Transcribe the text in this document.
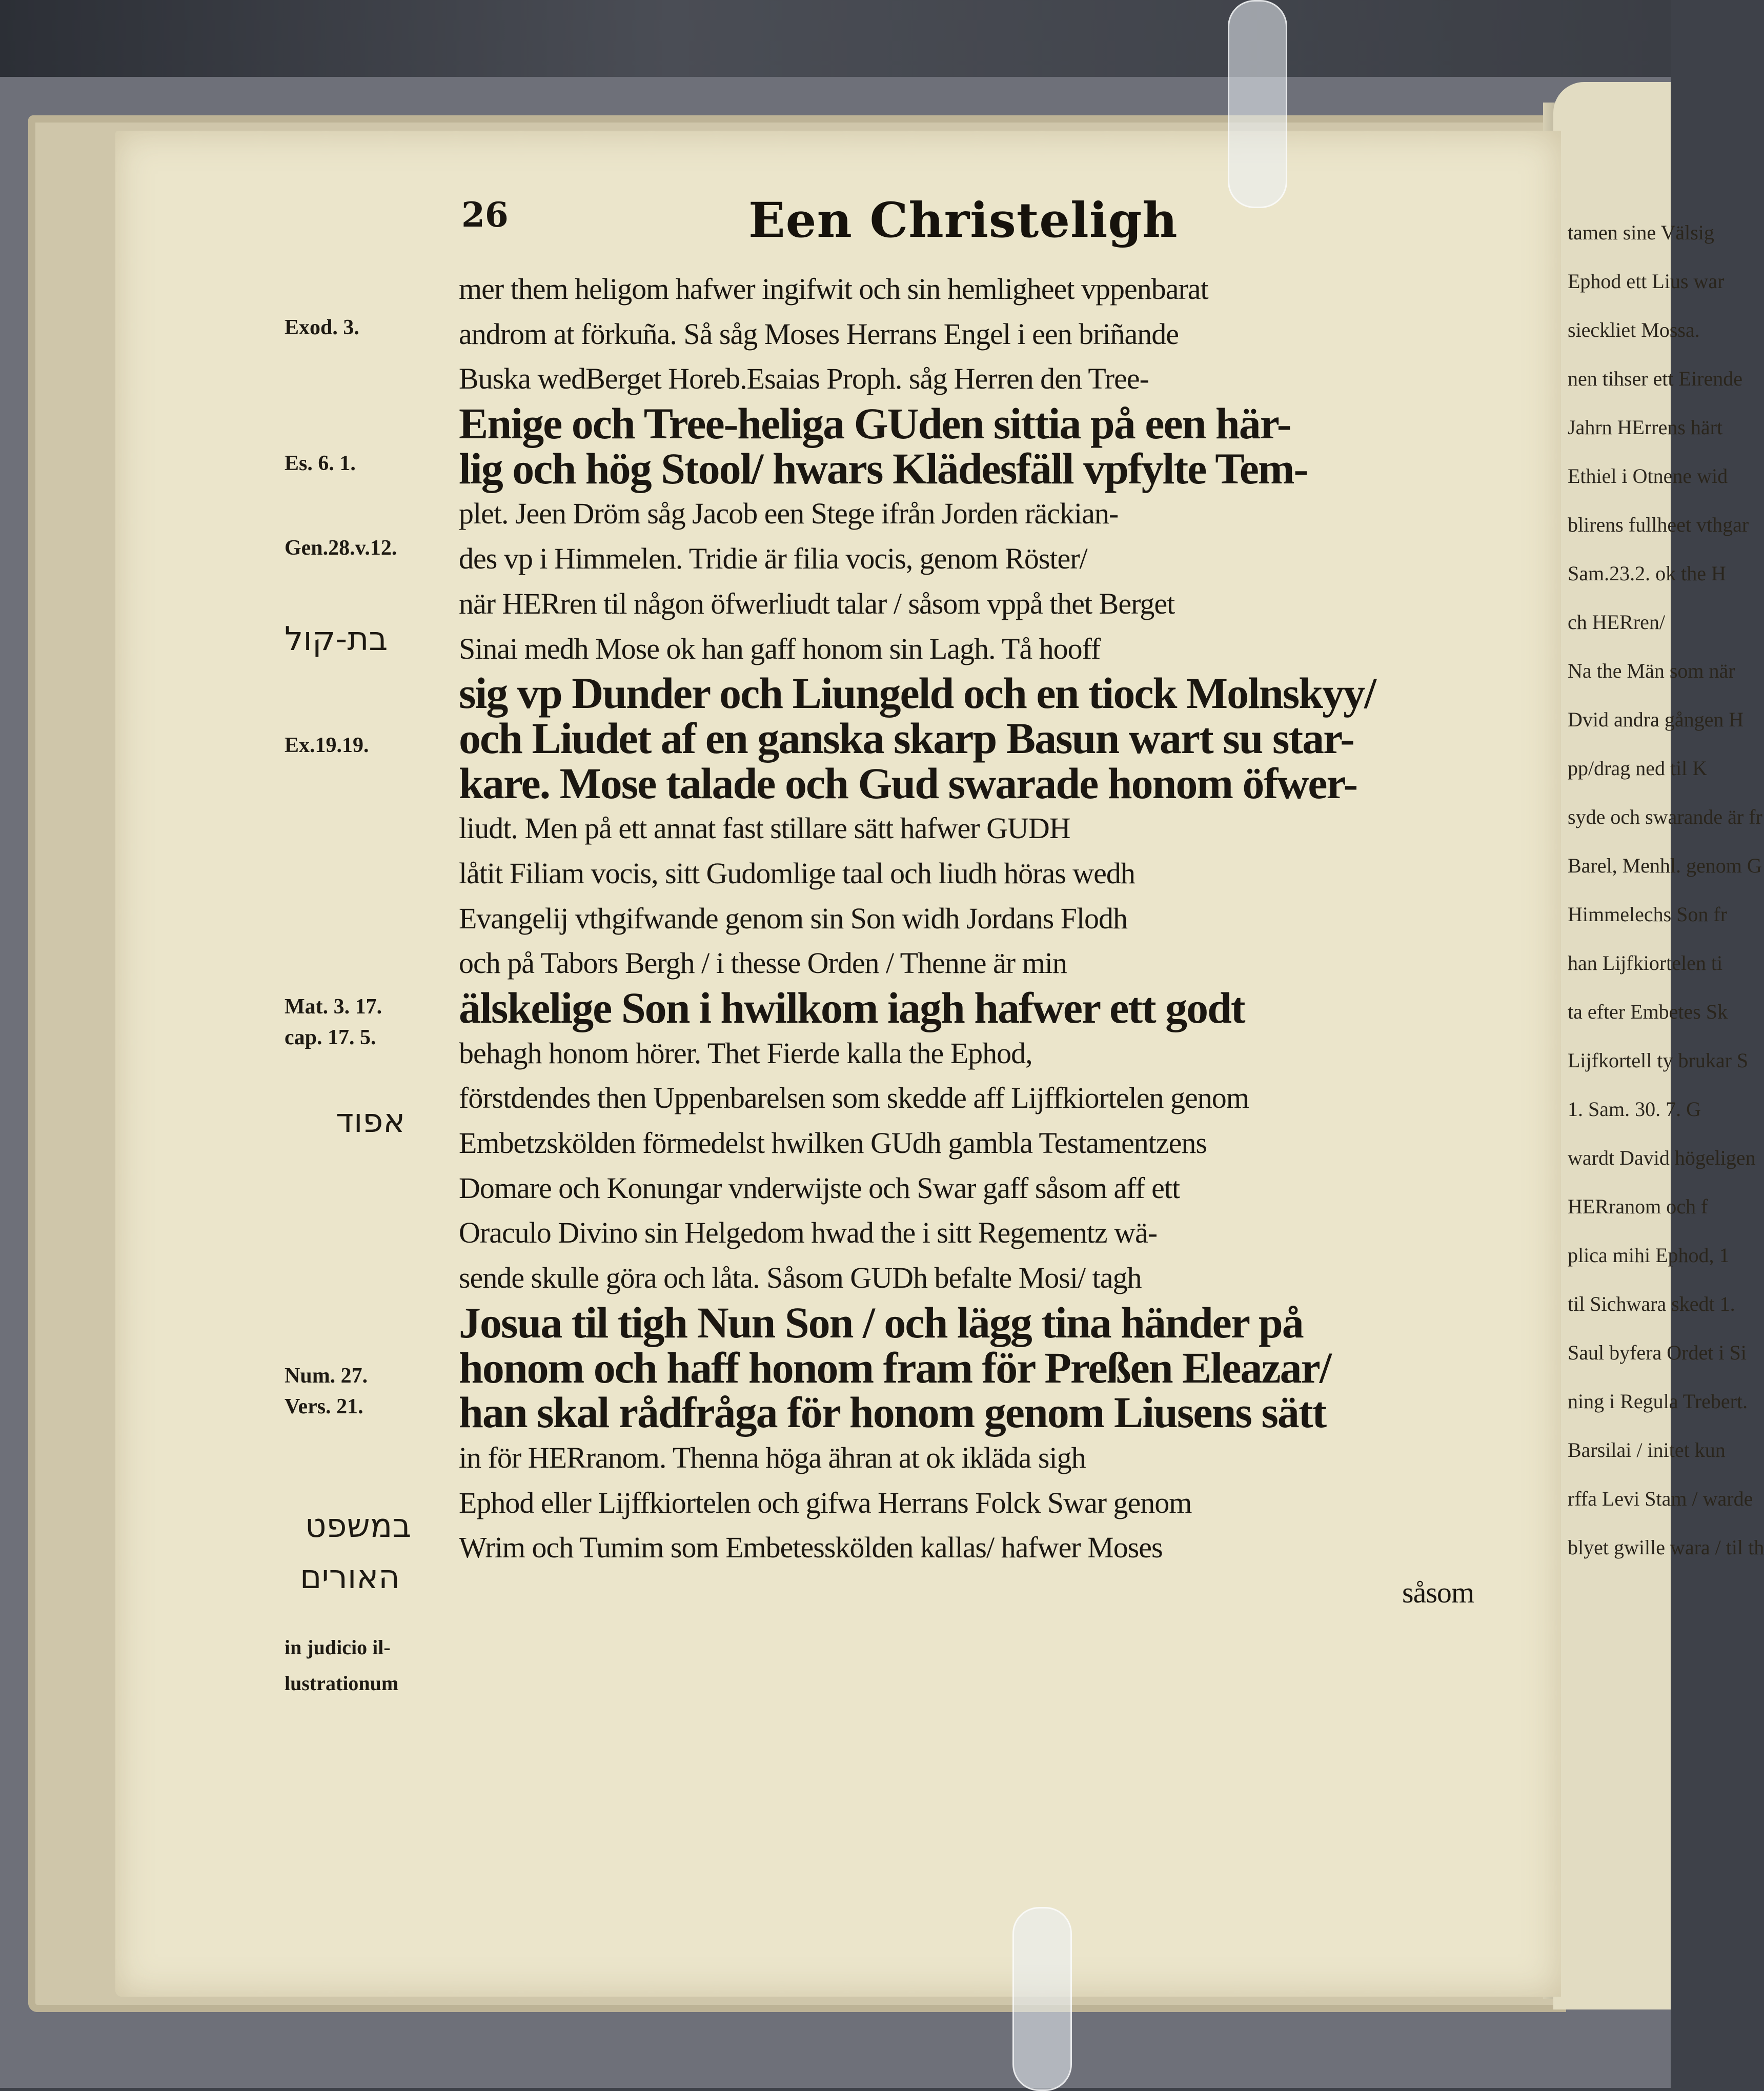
tamen sine Välsig
Ephod ett Lius war
sieckliet Mossa.
nen tihser ett Eirende
Jahrn HErrens härt
Ethiel i Otnene wid
blirens fullheet vthgar
Sam.23.2. ok the H
ch HERren/
Na the Män som när
Dvid andra gången H
pp/drag ned til K
syde och swarande är fr
Barel, Menhl. genom G
Himmelechs Son fr
han Lijfkiortelen ti
ta efter Embetes Sk
Lijfkortell ty brukar S
1. Sam. 30. 7. G
wardt David högeligen
HERranom och f
plica mihi Ephod, 1
til Sichwara skedt 1.
Saul byfera Ordet i Si
ning i Regula Trebert.
Barsilai / initet kun
rffa Levi Stam / warde
blyet gwille wara / til th
26	Een Christeligh
mer them heligom hafwer ingifwit och sin hemligheet vppenbarat
androm at förkuña. Så såg Moses Herrans Engel i een briñande
Buska wedBerget Horeb.Esaias Proph. såg Herren den Tree-
Enige och Tree-heliga GUden sittia på een här-
lig och hög Stool/ hwars Klädesfäll vpfylte Tem-
plet. Jeen Dröm såg Jacob een Stege ifrån Jorden räckian-
des vp i Himmelen. Tridie är filia vocis, genom Röster/
när HERren til någon öfwerliudt talar / såsom vppå thet Berget
Sinai medh Mose ok han gaff honom sin Lagh. Tå hooff
sig vp Dunder och Liungeld och en tiock Molnskyy/
och Liudet af en ganska skarp Basun wart su star-
kare. Mose talade och Gud swarade honom öfwer-
liudt. Men på ett annat fast stillare sätt hafwer GUDH
låtit Filiam vocis, sitt Gudomlige taal och liudh höras wedh
Evangelij vthgifwande genom sin Son widh Jordans Flodh
och på Tabors Bergh / i thesse Orden / Thenne är min
älskelige Son i hwilkom iagh hafwer ett godt
behagh honom hörer. Thet Fierde kalla the Ephod,
förstdendes then Uppenbarelsen som skedde aff Lijffkiortelen genom
Embetzskölden förmedelst hwilken GUdh gambla Testamentzens
Domare och Konungar vnderwijste och Swar gaff såsom aff ett
Oraculo Divino sin Helgedom hwad the i sitt Regementz wä-
sende skulle göra och låta. Såsom GUDh befalte Mosi/ tagh
Josua til tigh Nun Son / och lägg tina händer på
honom och haff honom fram för Preßen Eleazar/
han skal rådfråga för honom genom Liusens sätt
in för HERranom. Thenna höga ähran at ok ikläda sigh
Ephod eller Lijffkiortelen och gifwa Herrans Folck Swar genom
Wrim och Tumim som Embetesskölden kallas/ hafwer Moses
såsom
Exod. 3.
Es. 6. 1.
Gen.28.v.12.
בת-קול
Ex.19.19.
Mat. 3. 17.
cap. 17. 5.
אפוד
Num. 27.
Vers. 21.
במשפט
האורים
in judicio il-
lustrationum
